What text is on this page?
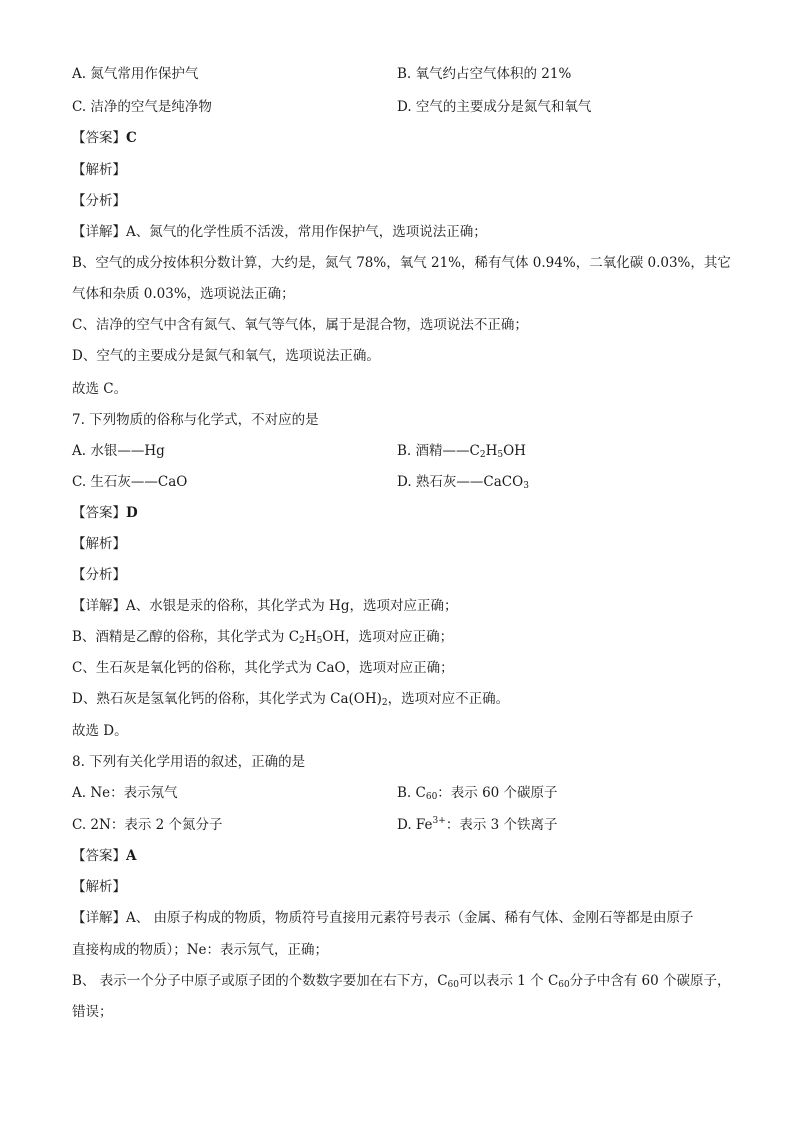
A. 氮气常用作保护气	B. 氧气约占空气体积的 21%
C. 洁净的空气是纯净物	D. 空气的主要成分是氮气和氧气
【答案】C
【解析】
【分析】
【详解】A、氮气的化学性质不活泼，常用作保护气，选项说法正确；
B、空气的成分按体积分数计算，大约是，氮气 78%，氧气 21%，稀有气体 0.94%，二氧化碳 0.03%，其它
气体和杂质 0.03%，选项说法正确；
C、洁净的空气中含有氮气、氧气等气体，属于是混合物，选项说法不正确；
D、空气的主要成分是氮气和氧气，选项说法正确。
故选 C。
7. 下列物质的俗称与化学式，不对应的是
A. 水银——Hg	B. 酒精$——C_2H_5OH$
C. 生石灰——CaO	D. 熟石灰——CaCO$_3$
【答案】D
【解析】
【分析】
【详解】A、水银是汞的俗称，其化学式为 Hg，选项对应正确；
B、酒精是乙醇的俗称，其化学式为 $C_2H_5OH$，选项对应正确；
C、生石灰是氧化钙的俗称，其化学式为 CaO，选项对应正确；
D、熟石灰是氢氧化钙的俗称，其化学式为 $Ca(OH)_2$，选项对应不正确。
故选 D。
8. 下列有关化学用语的叙述，正确的是
A. Ne：表示氖气	B. $C_{60}$：表示 60 个碳原子
C. 2N：表示 2 个氮分子	D. $Fe^{3+}$：表示 3 个铁离子
【答案】A
【解析】
【详解】A、 由原子构成的物质，物质符号直接用元素符号表示（金属、稀有气体、金刚石等都是由原子
直接构成的物质）；Ne：表示氖气，正确；
B、 表示一个分子中原子或原子团的个数数字要加在右下方，$C_{60}$可以表示 1 个 $C_{60}$分子中含有 60 个碳原子，
错误；
